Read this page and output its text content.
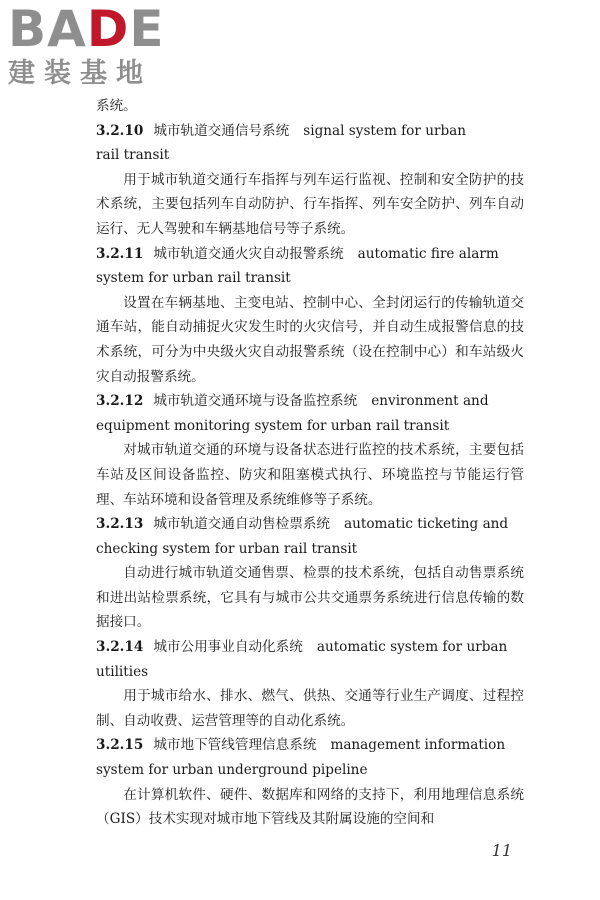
BADE
建装基地
系统。
3.2.10 城市轨道交通信号系统 signal system for urban
rail transit

用于城市轨道交通行车指挥与列车运行监视、控制和安全防护的技术系统，主要包括列车自动防护、行车指挥、列车安全防护、列车自动运行、无人驾驶和车辆基地信号等子系统。

3.2.11 城市轨道交通火灾自动报警系统 automatic fire alarm
system for urban rail transit

设置在车辆基地、主变电站、控制中心、全封闭运行的传输轨道交通车站，能自动捕捉火灾发生时的火灾信号，并自动生成报警信息的技术系统，可分为中央级火灾自动报警系统（设在控制中心）和车站级火灾自动报警系统。

3.2.12 城市轨道交通环境与设备监控系统 environment and
equipment monitoring system for urban rail transit

对城市轨道交通的环境与设备状态进行监控的技术系统，主要包括车站及区间设备监控、防灾和阻塞模式执行、环境监控与节能运行管理、车站环境和设备管理及系统维修等子系统。

3.2.13 城市轨道交通自动售检票系统 automatic ticketing and
checking system for urban rail transit

自动进行城市轨道交通售票、检票的技术系统，包括自动售票系统和进出站检票系统，它具有与城市公共交通票务系统进行信息传输的数据接口。

3.2.14 城市公用事业自动化系统 automatic system for urban
utilities

用于城市给水、排水、燃气、供热、交通等行业生产调度、过程控制、自动收费、运营管理等的自动化系统。

3.2.15 城市地下管线管理信息系统 management information
system for urban underground pipeline

在计算机软件、硬件、数据库和网络的支持下，利用地理信息系统（GIS）技术实现对城市地下管线及其附属设施的空间和

11
